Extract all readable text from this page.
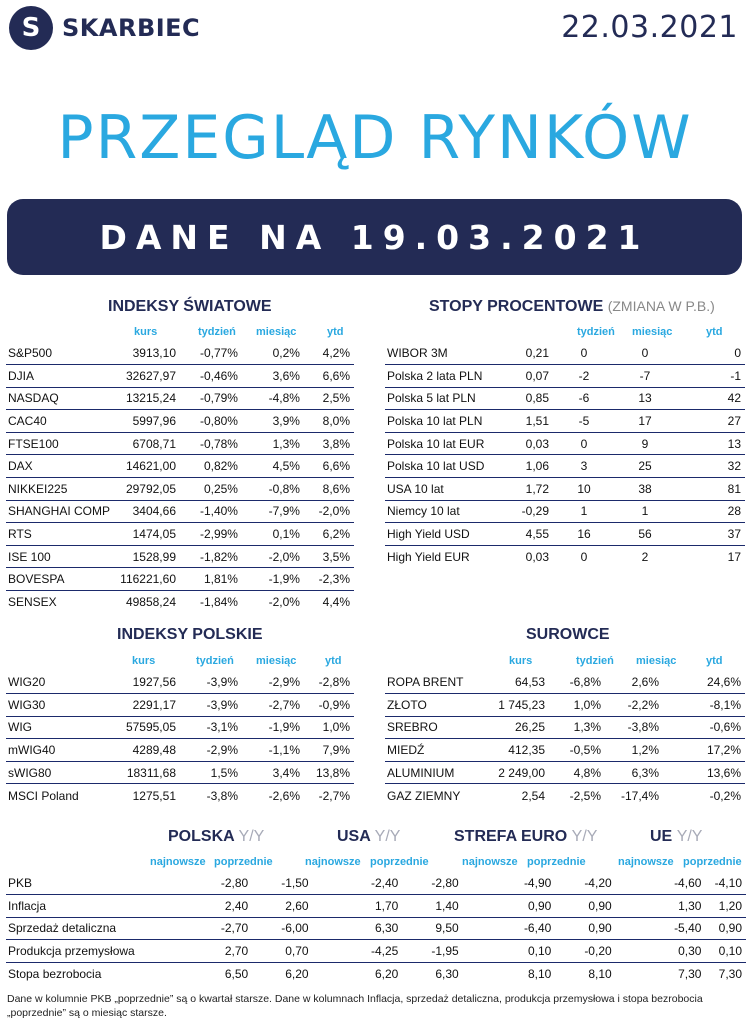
S SKARBIEC	22.03.2021
PRZEGLĄD RYNKÓW
DANE NA 19.03.2021
INDEKSY ŚWIATOWE
kurs	tydzień miesiąc	ytd
S&P500	3913,10	-0,77%	0,2%	4,2%
DJIA	32627,97	-0,46%	3,6%	6,6%
NASDAQ	13215,24	-0,79%	-4,8%	2,5%
CAC40	5997,96	-0,80%	3,9%	8,0%
FTSE100	6708,71	-0,78%	1,3%	3,8%
DAX	14621,00	0,82%	4,5%	6,6%
NIKKEI225	29792,05	0,25%	-0,8%	8,6%
SHANGHAI COMP	3404,66	-1,40%	-7,9%	-2,0%
RTS	1474,05	-2,99%	0,1%	6,2%
ISE 100	1528,99	-1,82%	-2,0%	3,5%
BOVESPA	116221,60	1,81%	-1,9%	-2,3%
SENSEX	49858,24	-1,84%	-2,0%	4,4%
STOPY PROCENTOWE (ZMIANA W P.B.)
tydzień miesiąc	ytd
WIBOR 3M	0,21	0	0	0
Polska 2 lata PLN	0,07	-2	-7	-1
Polska 5 lat PLN	0,85	-6	13	42
Polska 10 lat PLN	1,51	-5	17	27
Polska 10 lat EUR	0,03	0	9	13
Polska 10 lat USD	1,06	3	25	32
USA 10 lat	1,72	10	38	81
Niemcy 10 lat	-0,29	1	1	28
High Yield USD	4,55	16	56	37
High Yield EUR	0,03	0	2	17
INDEKSY POLSKIE
kurs	tydzień miesiąc	ytd
WIG20	1927,56	-3,9%	-2,9%	-2,8%
WIG30	2291,17	-3,9%	-2,7%	-0,9%
WIG	57595,05	-3,1%	-1,9%	1,0%
mWIG40	4289,48	-2,9%	-1,1%	7,9%
sWIG80	18311,68	1,5%	3,4%	13,8%
MSCI Poland	1275,51	-3,8%	-2,6%	-2,7%
SUROWCE
kurs	tydzień miesiąc	ytd
ROPA BRENT	64,53	-6,8%	2,6%	24,6%
ZŁOTO	1 745,23	1,0%	-2,2%	-8,1%
SREBRO	26,25	1,3%	-3,8%	-0,6%
MIEDŹ	412,35	-0,5%	1,2%	17,2%
ALUMINIUM	2 249,00	4,8%	6,3%	13,6%
GAZ ZIEMNY	2,54	-2,5%	-17,4%	-0,2%
POLSKA Y/Y	USA Y/Y	STREFA EURO Y/Y	UE Y/Y
najnowsze poprzednie	najnowsze poprzednie	najnowsze poprzednie	najnowsze poprzednie
PKB	-2,80	-1,50	-2,40	-2,80	-4,90	-4,20	-4,60	-4,10
Inflacja	2,40	2,60	1,70	1,40	0,90	0,90	1,30	1,20
Sprzedaż detaliczna	-2,70	-6,00	6,30	9,50	-6,40	0,90	-5,40	0,90
Produkcja przemysłowa	2,70	0,70	-4,25	-1,95	0,10	-0,20	0,30	0,10
Stopa bezrobocia	6,50	6,20	6,20	6,30	8,10	8,10	7,30	7,30
Dane w kolumnie PKB „poprzednie” są o kwartał starsze. Dane w kolumnach Inflacja, sprzedaż detaliczna, produkcja przemysłowa i stopa bezrobocia „poprzednie” są o miesiąc starsze.
